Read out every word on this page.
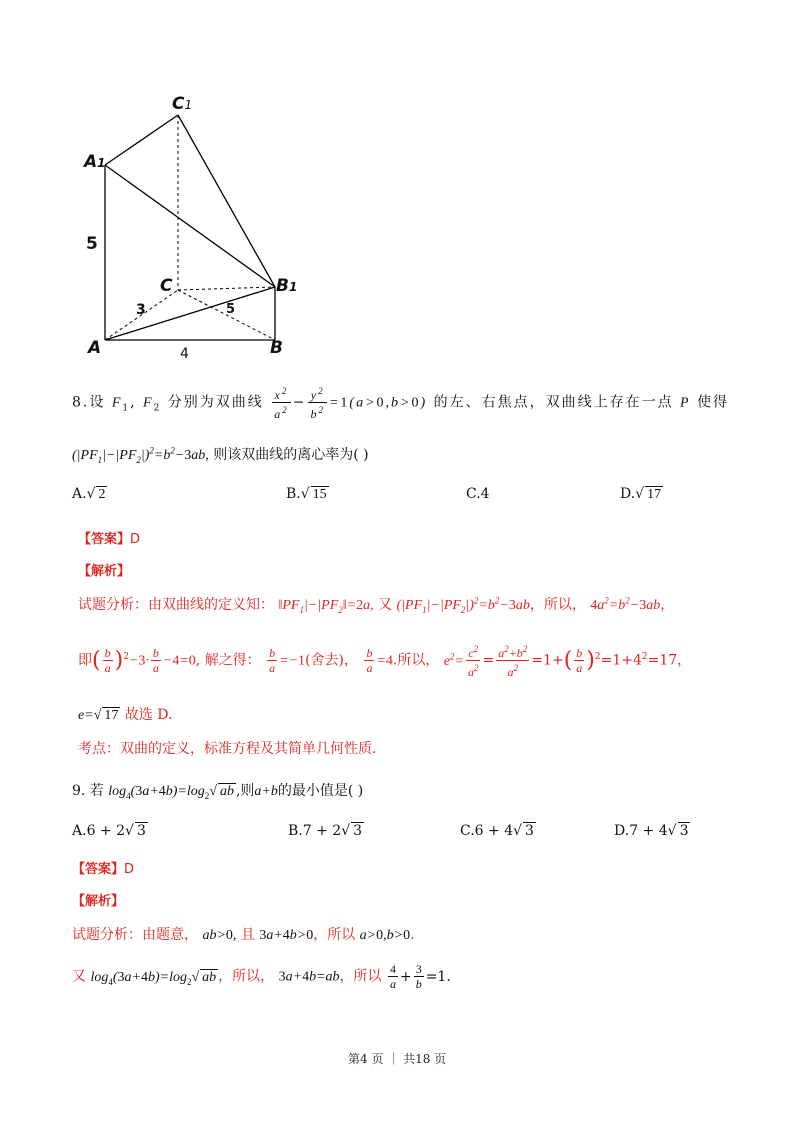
C1
A1
B1
C
A	B
5
3	5
4
8.设 $F_1$, $F_2$ 分别为双曲线 $\frac{x^2}{a^2} - \frac{y^2}{b^2} =1(a>0,b>0)$ 的左、右焦点，双曲线上存在一点 P 使得
$(|PF_1|-|PF_2|)^2=b^2-3ab$, 则该双曲线的离心率为( )
A.√ 2	B.√ 15	C.4	D.√ 17
【答案】D
【解析】
试题分析：由双曲线的定义知： $‖PF_1|-|PF_2‖=2a$, 又 $(|PF_1|-|PF_2|)^2=b^2-3ab$，所以， $4a^2=b^2-3ab$，
即( $\frac{b}{a} )^2-3\cdot \frac{b}{a} -4=0$, 解之得： $\frac{b}{a} =-1$(舍去)， $\frac{b}{a} =4$.所以， $e^2= \frac{c^2}{a^2} = \frac{a^2+b^2}{a^2} =1+( \frac{b}{a} )^2=1+4^2=17$，
e=√ 17 故选 D.
考点：双曲的定义，标准方程及其简单几何性质.
9. 若 $\log_4(3a+4b)=\log_2√$ ab ,则a+b的最小值是( )
A.6 + 2√ 3	B.7 + 2√ 3	C.6 + 4√ 3	D.7 + 4√ 3
【答案】D
【解析】
试题分析：由题意， ab>0, 且 3a+4b>0，所以 a>0,b>0.
又 $\log_4(3a+4b)=\log_2√$ ab ，所以， 3a+4b=ab，所以 $\frac{4}{a} + \frac{3}{b} =1$.
第4 页 ｜ 共18 页
